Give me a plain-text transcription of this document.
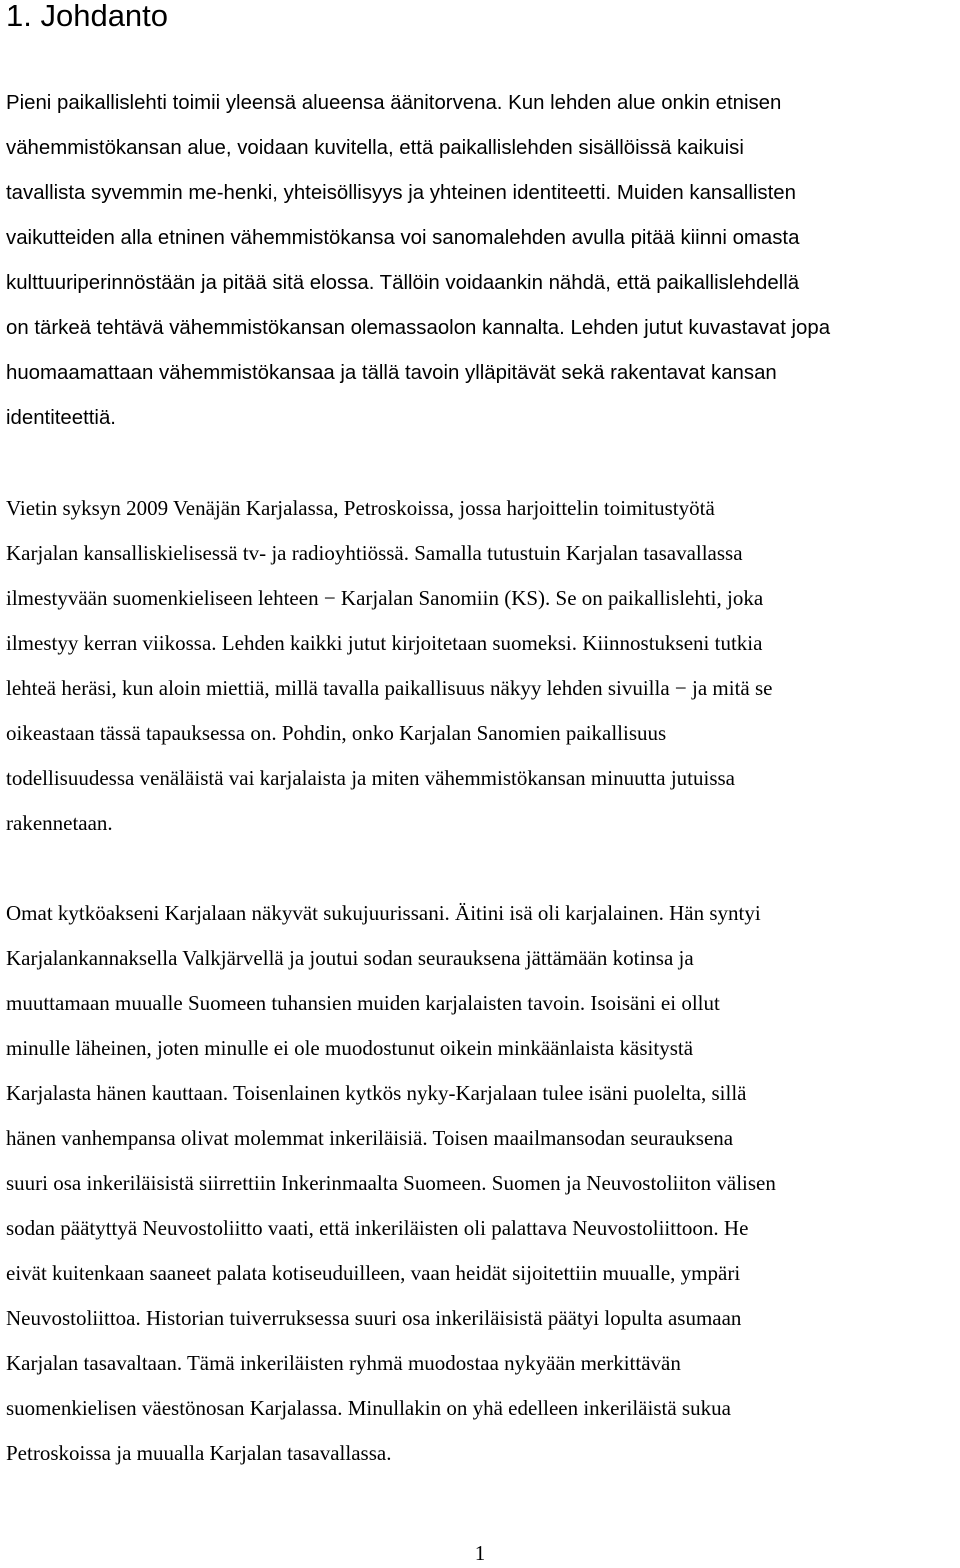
1. Johdanto
Pieni paikallislehti toimii yleensä alueensa äänitorvena. Kun lehden alue onkin etnisen
vähemmistökansan alue, voidaan kuvitella, että paikallislehden sisällöissä kaikuisi
tavallista syvemmin me-henki, yhteisöllisyys ja yhteinen identiteetti. Muiden kansallisten
vaikutteiden alla etninen vähemmistökansa voi sanomalehden avulla pitää kiinni omasta
kulttuuriperinnöstään ja pitää sitä elossa. Tällöin voidaankin nähdä, että paikallislehdellä
on tärkeä tehtävä vähemmistökansan olemassaolon kannalta. Lehden jutut kuvastavat jopa
huomaamattaan vähemmistökansaa ja tällä tavoin ylläpitävät sekä rakentavat kansan
identiteettiä.
Vietin syksyn 2009 Venäjän Karjalassa, Petroskoissa, jossa harjoittelin toimitustyötä
Karjalan kansalliskielisessä tv- ja radioyhtiössä. Samalla tutustuin Karjalan tasavallassa
ilmestyvään suomenkieliseen lehteen − Karjalan Sanomiin (KS). Se on paikallislehti, joka
ilmestyy kerran viikossa. Lehden kaikki jutut kirjoitetaan suomeksi. Kiinnostukseni tutkia
lehteä heräsi, kun aloin miettiä, millä tavalla paikallisuus näkyy lehden sivuilla − ja mitä se
oikeastaan tässä tapauksessa on. Pohdin, onko Karjalan Sanomien paikallisuus
todellisuudessa venäläistä vai karjalaista ja miten vähemmistökansan minuutta jutuissa
rakennetaan.
Omat kytköakseni Karjalaan näkyvät sukujuurissani. Äitini isä oli karjalainen. Hän syntyi
Karjalankannaksella Valkjärvellä ja joutui sodan seurauksena jättämään kotinsa ja
muuttamaan muualle Suomeen tuhansien muiden karjalaisten tavoin. Isoisäni ei ollut
minulle läheinen, joten minulle ei ole muodostunut oikein minkäänlaista käsitystä
Karjalasta hänen kauttaan. Toisenlainen kytkös nyky-Karjalaan tulee isäni puolelta, sillä
hänen vanhempansa olivat molemmat inkeriläisiä. Toisen maailmansodan seurauksena
suuri osa inkeriläisistä siirrettiin Inkerinmaalta Suomeen. Suomen ja Neuvostoliiton välisen
sodan päätyttyä Neuvostoliitto vaati, että inkeriläisten oli palattava Neuvostoliittoon. He
eivät kuitenkaan saaneet palata kotiseuduilleen, vaan heidät sijoitettiin muualle, ympäri
Neuvostoliittoa. Historian tuiverruksessa suuri osa inkeriläisistä päätyi lopulta asumaan
Karjalan tasavaltaan. Tämä inkeriläisten ryhmä muodostaa nykyään merkittävän
suomenkielisen väestönosan Karjalassa. Minullakin on yhä edelleen inkeriläistä sukua
Petroskoissa ja muualla Karjalan tasavallassa.
1
